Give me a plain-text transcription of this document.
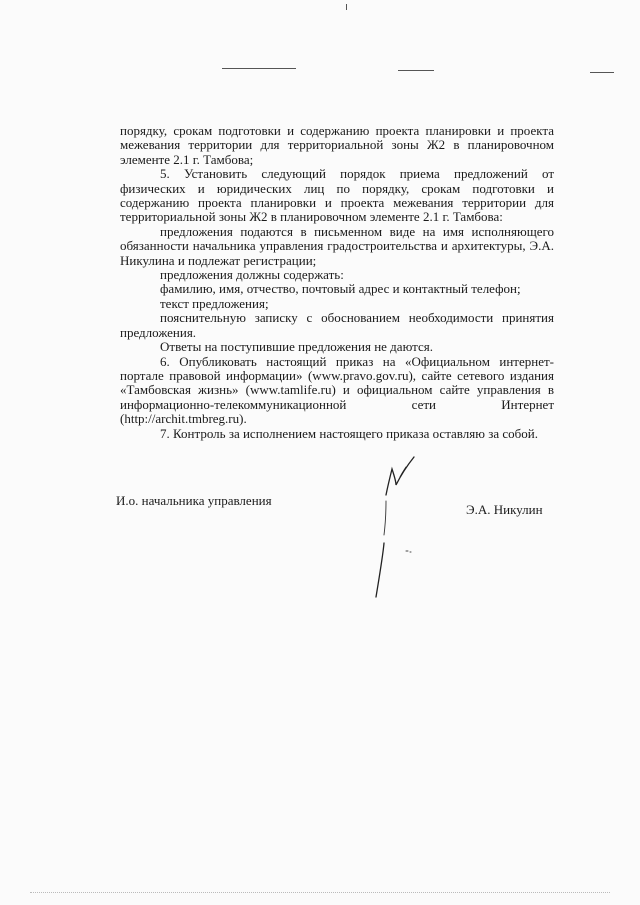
порядку, срокам подготовки и содержанию проекта планировки и проекта межевания территории для территориальной зоны Ж2 в планировочном элементе 2.1 г. Тамбова;

5. Установить следующий порядок приема предложений от физических и юридических лиц по порядку, срокам подготовки и содержанию проекта планировки и проекта межевания территории для территориальной зоны Ж2 в планировочном элементе 2.1 г. Тамбова:

предложения подаются в письменном виде на имя исполняющего обязанности начальника управления градостроительства и архитектуры, Э.А. Никулина и подлежат регистрации;

предложения должны содержать:

фамилию, имя, отчество, почтовый адрес и контактный телефон;

текст предложения;

пояснительную записку с обоснованием необходимости принятия предложения.

Ответы на поступившие предложения не даются.

6. Опубликовать настоящий приказ на «Официальном интернет-портале правовой информации» (www.pravo.gov.ru), сайте сетевого издания «Тамбовская жизнь» (www.tamlife.ru) и официальном сайте управления в информационно-телекоммуникационной сети Интернет (http://archit.tmbreg.ru).

7. Контроль за исполнением настоящего приказа оставляю за собой.

И.о. начальника управления
Э.А. Никулин
